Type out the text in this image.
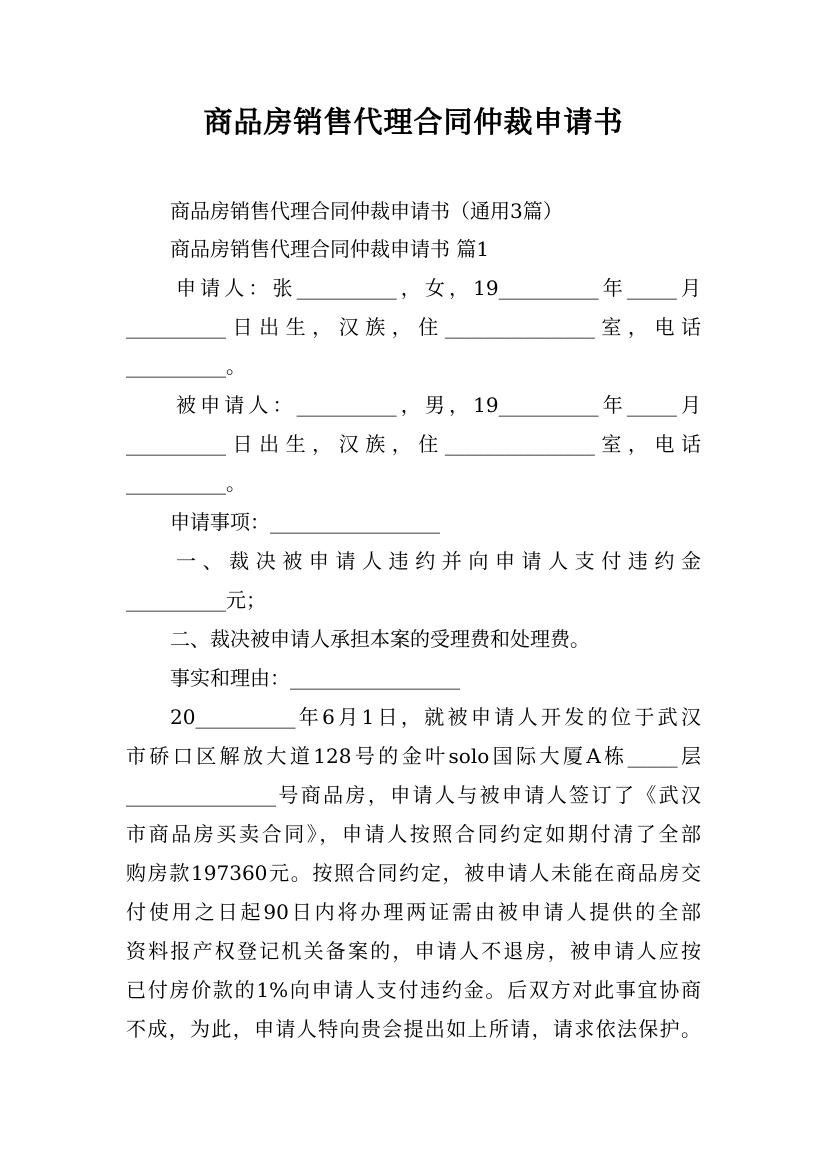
商品房销售代理合同仲裁申请书

商品房销售代理合同仲裁申请书（通用3篇）

商品房销售代理合同仲裁申请书 篇1

申请人：张__________，女，19__________年_____月

__________日出生，汉族，住_______________室，电话

__________。

被申请人：__________，男，19__________年_____月

__________日出生，汉族，住_______________室，电话

__________。

申请事项：_________________

一、裁决被申请人违约并向申请人支付违约金

__________元；

二、裁决被申请人承担本案的受理费和处理费。

事实和理由：_________________

20__________年6月1日，就被申请人开发的位于武汉

市硚口区解放大道128号的金叶solo国际大厦A栋_____层

_______________号商品房，申请人与被申请人签订了《武汉

市商品房买卖合同》，申请人按照合同约定如期付清了全部

购房款197360元。按照合同约定，被申请人未能在商品房交

付使用之日起90日内将办理两证需由被申请人提供的全部

资料报产权登记机关备案的，申请人不退房，被申请人应按

已付房价款的1%向申请人支付违约金。后双方对此事宜协商

不成，为此，申请人特向贵会提出如上所请，请求依法保护。
